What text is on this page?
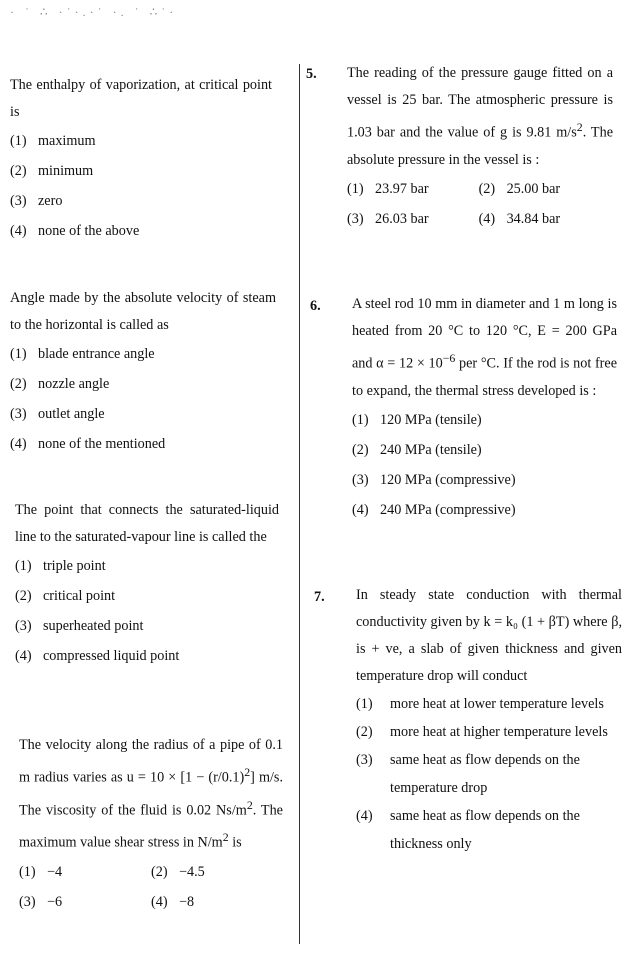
· ˙ ∴ ·˙·.·˙ ·. ˙ ∴˙·
The enthalpy of vaporization, at critical point is
(1) maximum
(2) minimum
(3) zero
(4) none of the above
Angle made by the absolute velocity of steam to the horizontal is called as
(1) blade entrance angle
(2) nozzle angle
(3) outlet angle
(4) none of the mentioned
The point that connects the saturated-liquid line to the saturated-vapour line is called the
(1) triple point
(2) critical point
(3) superheated point
(4) compressed liquid point
The velocity along the radius of a pipe of 0.1 m radius varies as $u = 10 \times [1 - (r/0.1)^2]$ m/s. The viscosity of the fluid is 0.02 $Ns/m^2$. The maximum value shear stress in $N/m^2$ is
(1) −4	(2) −4.5
(3) −6	(4) −8
5. The reading of the pressure gauge fitted on a vessel is 25 bar. The atmospheric pressure is 1.03 bar and the value of g is 9.81 $m/s^2$. The absolute pressure in the vessel is :
(1) 23.97 bar	(2) 25.00 bar
(3) 26.03 bar	(4) 34.84 bar
6. A steel rod 10 mm in diameter and 1 m long is heated from 20 °C to 120 °C, E = 200 GPa and $\alpha = 12 \times 10^{-6}$ per °C. If the rod is not free to expand, the thermal stress developed is :
(1) 120 MPa (tensile)
(2) 240 MPa (tensile)
(3) 120 MPa (compressive)
(4) 240 MPa (compressive)
7. In steady state conduction with thermal conductivity given by k = k₀ (1 + βT) where β, is + ve, a slab of given thickness and given temperature drop will conduct
(1)	more heat at lower temperature levels
(2)	more heat at higher temperature levels
(3)	same heat as flow depends on the temperature drop
(4)	same heat as flow depends on the thickness only
